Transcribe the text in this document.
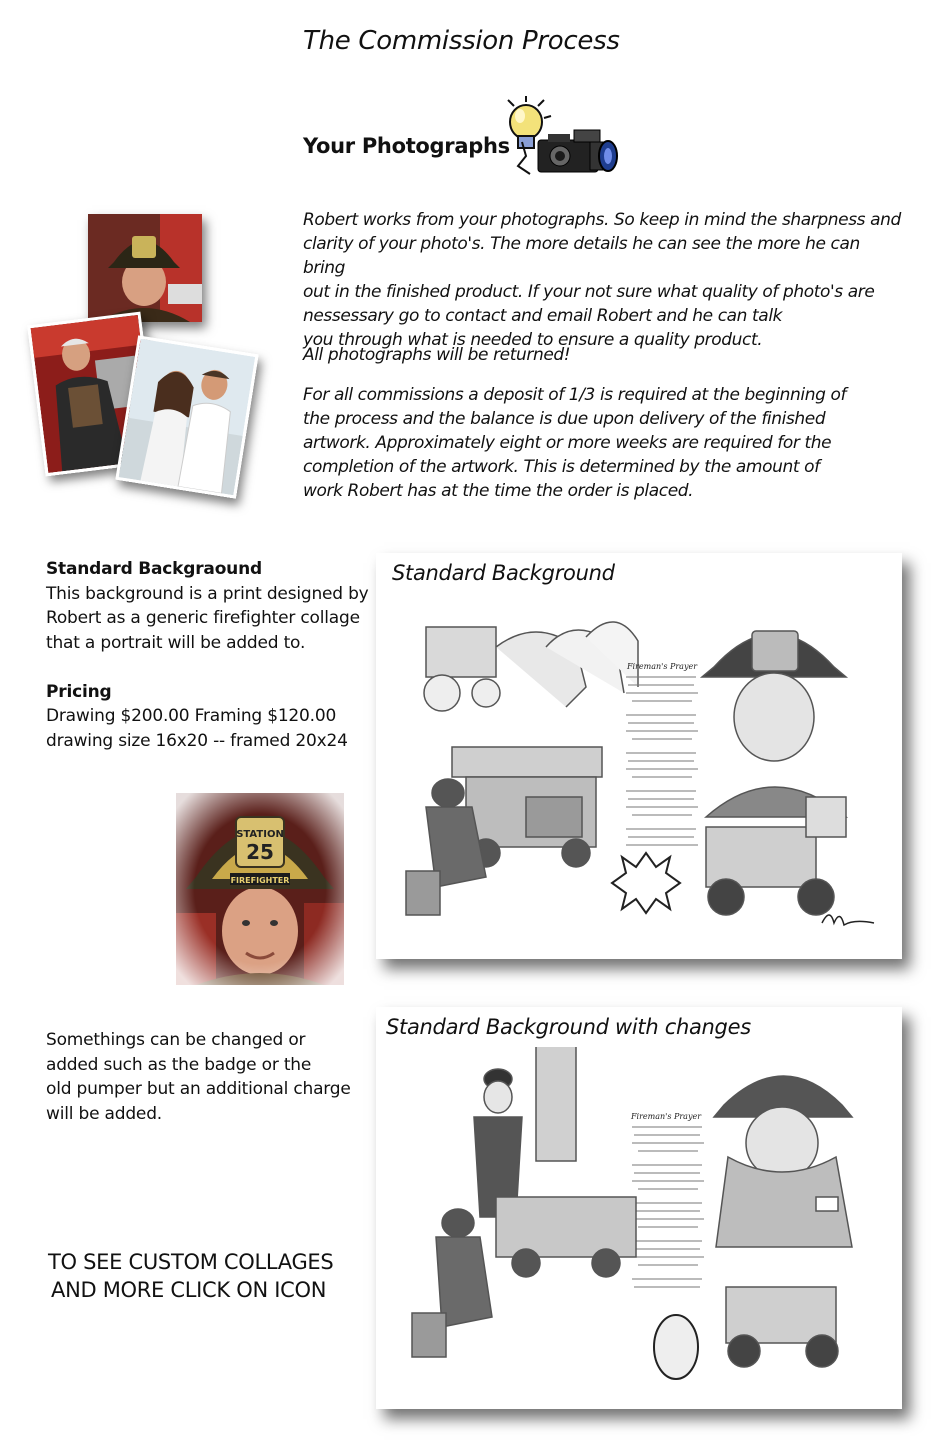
The Commission Process
Your Photographs

Robert works from your photographs. So keep in mind the sharpness and

clarity of your photo's. The more details he can see the more he can bring

out in the finished product. If your not sure what quality of photo's are

nessessary go to contact and email Robert and he can talk

you through what is needed to ensure a quality product.

All photographs will be returned!

For all commissions a deposit of 1/3 is required at the beginning of

the process and the balance is due upon delivery of the finished

artwork. Approximately eight or more weeks are required for the

completion of the artwork. This is determined by the amount of

work Robert has at the time the order is placed.

Standard Backgraound
This background is a print designed by
Robert as a generic firefighter collage
that a portrait will be added to.
Pricing
Drawing $200.00 Framing $120.00
drawing size 16x20 -- framed 20x24
Standard Background
Fireman's Prayer
Somethings can be changed or
added such as the badge or the
old pumper but an additional charge
will be added.
Standard Background with changes
Fireman's Prayer
TO SEE CUSTOM COLLAGES
AND MORE CLICK ON ICON
